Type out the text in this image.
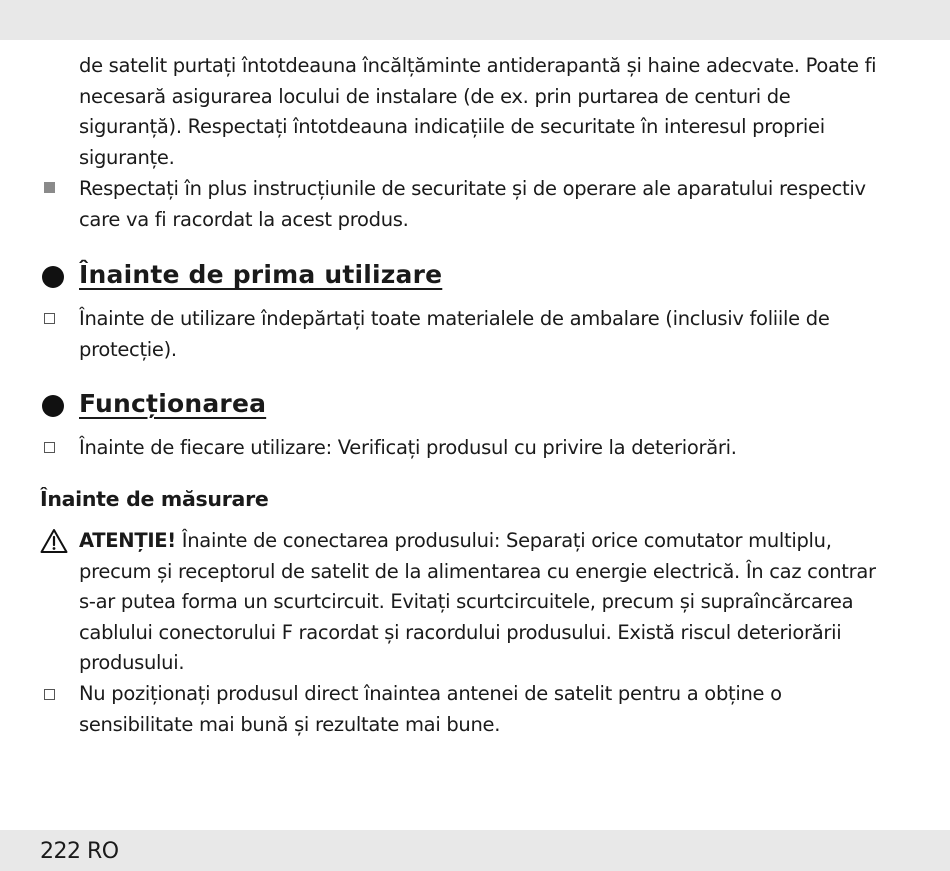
de satelit purtați întotdeauna încălțăminte antiderapantă și haine adecvate. Poate fi necesară asigurarea locului de instalare (de ex. prin purtarea de centuri de siguranță). Respectați întotdeauna indicațiile de securitate în interesul propriei siguranțe.

Respectați în plus instrucțiunile de securitate și de operare ale aparatului respectiv care va fi racordat la acest produs.

Înainte de prima utilizare

Înainte de utilizare îndepărtați toate materialele de ambalare (inclusiv foliile de protecție).

Funcționarea

Înainte de fiecare utilizare: Verificați produsul cu privire la deteriorări.

Înainte de măsurare

ATENȚIE! Înainte de conectarea produsului: Separați orice comutator multiplu, precum și receptorul de satelit de la alimentarea cu energie electrică. În caz contrar s-ar putea forma un scurtcircuit. Evitați scurtcircuitele, precum și supraîncărcarea cablului conectorului F racordat și racordului produsului. Există riscul deteriorării produsului.

Nu poziționați produsul direct înaintea antenei de satelit pentru a obține o sensibilitate mai bună și rezultate mai bune.

222 RO
